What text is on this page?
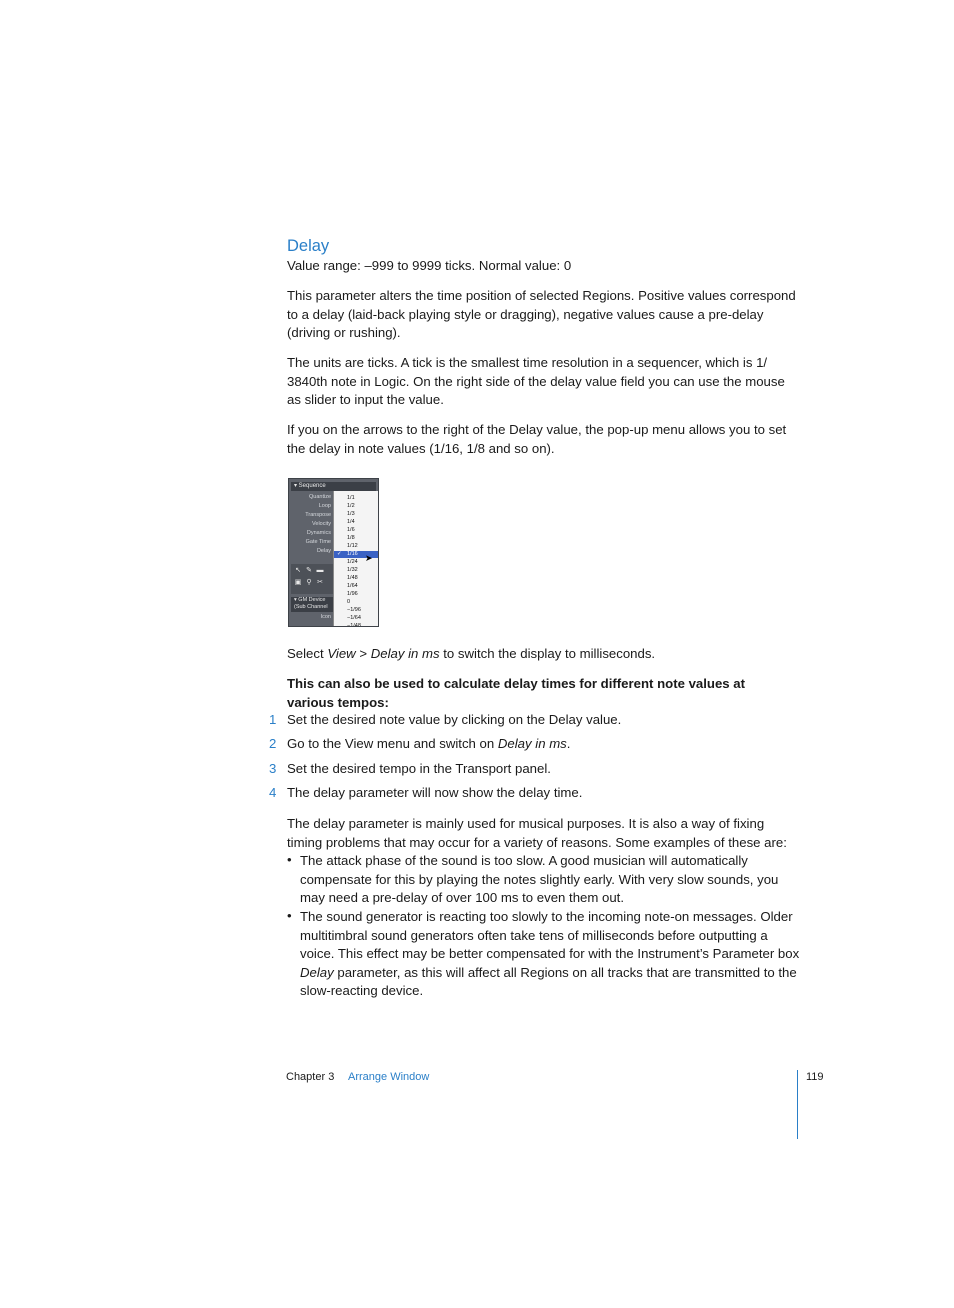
Delay

Value range: –999 to 9999 ticks. Normal value: 0

This parameter alters the time position of selected Regions. Positive values correspond to a delay (laid-back playing style or dragging), negative values cause a pre-delay (driving or rushing).

The units are ticks. A tick is the smallest time resolution in a sequencer, which is 1/ 3840th note in Logic. On the right side of the delay value field you can use the mouse as slider to input the value.

If you on the arrows to the right of the Delay value, the pop-up menu allows you to set the delay in note values (1/16, 1/8 and so on).

▾ Sequence
Quantize
Loop
Transpose
Velocity
Dynamics
Gate Time
Delay
↖ ✎ ▬
▣ ⚲ ✂
▾ GM Device
(Sub Channel
Icon
1/1
1/2
1/3
1/4
1/6
1/8
1/12
✓ 1/16
1/24
1/32
1/48
1/64
1/96
0
−1/96
−1/64
−1/48
➤

Select View > Delay in ms to switch the display to milliseconds.

This can also be used to calculate delay times for different note values at
various tempos:

1 Set the desired note value by clicking on the Delay value.
2 Go to the View menu and switch on Delay in ms.
3 Set the desired tempo in the Transport panel.
4 The delay parameter will now show the delay time.

The delay parameter is mainly used for musical purposes. It is also a way of fixing timing problems that may occur for a variety of reasons. Some examples of these are:

• The attack phase of the sound is too slow. A good musician will automatically compensate for this by playing the notes slightly early. With very slow sounds, you may need a pre-delay of over 100 ms to even them out.

• The sound generator is reacting too slowly to the incoming note-on messages. Older multitimbral sound generators often take tens of milliseconds before outputting a voice. This effect may be better compensated for with the Instrument’s Parameter box Delay parameter, as this will affect all Regions on all tracks that are transmitted to the slow-reacting device.

Chapter 3 Arrange Window	119
